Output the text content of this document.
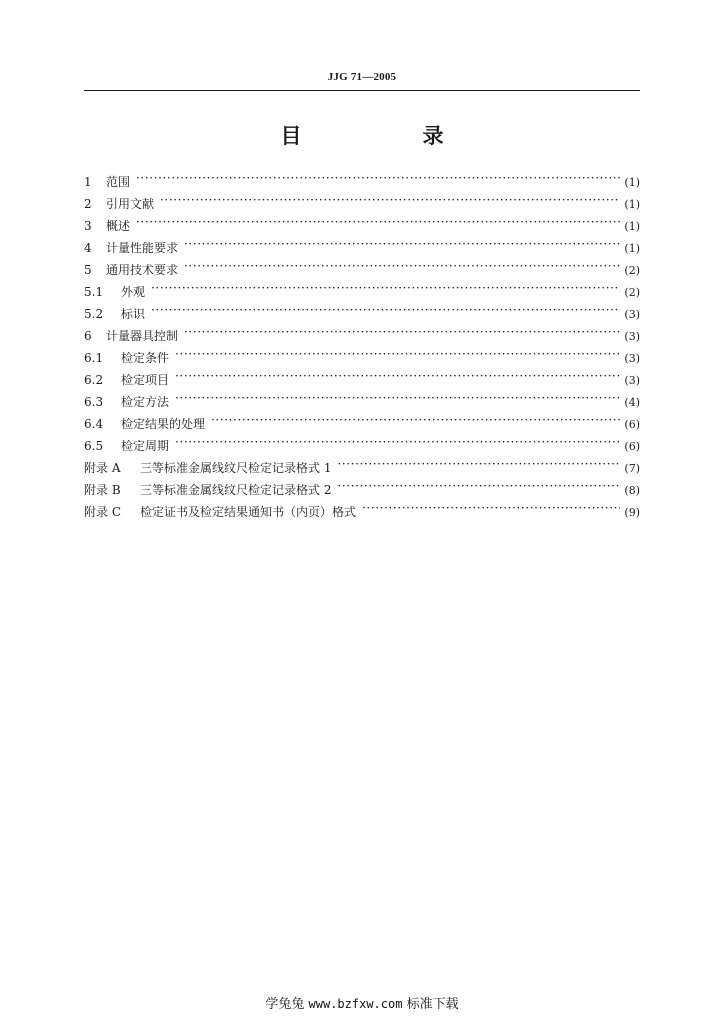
JJG 71—2005
目　录
1	范围 ·····	(1)
2	引用文献 ·····	(1)
3	概述 ·····	(1)
4	计量性能要求 ·····	(1)
5	通用技术要求 ·····	(2)
5.1	外观 ·····	(2)
5.2	标识 ·····	(3)
6	计量器具控制 ·····	(3)
6.1	检定条件 ·····	(3)
6.2	检定项目 ·····	(3)
6.3	检定方法 ·····	(4)
6.4	检定结果的处理 ·····	(6)
6.5	检定周期 ·····	(6)
附录 A	三等标准金属线纹尺检定记录格式 1 ·····	(7)
附录 B	三等标准金属线纹尺检定记录格式 2 ·····	(8)
附录 C	检定证书及检定结果通知书（内页）格式 ·····	(9)
学兔兔 www.bzfxw.com 标准下载
